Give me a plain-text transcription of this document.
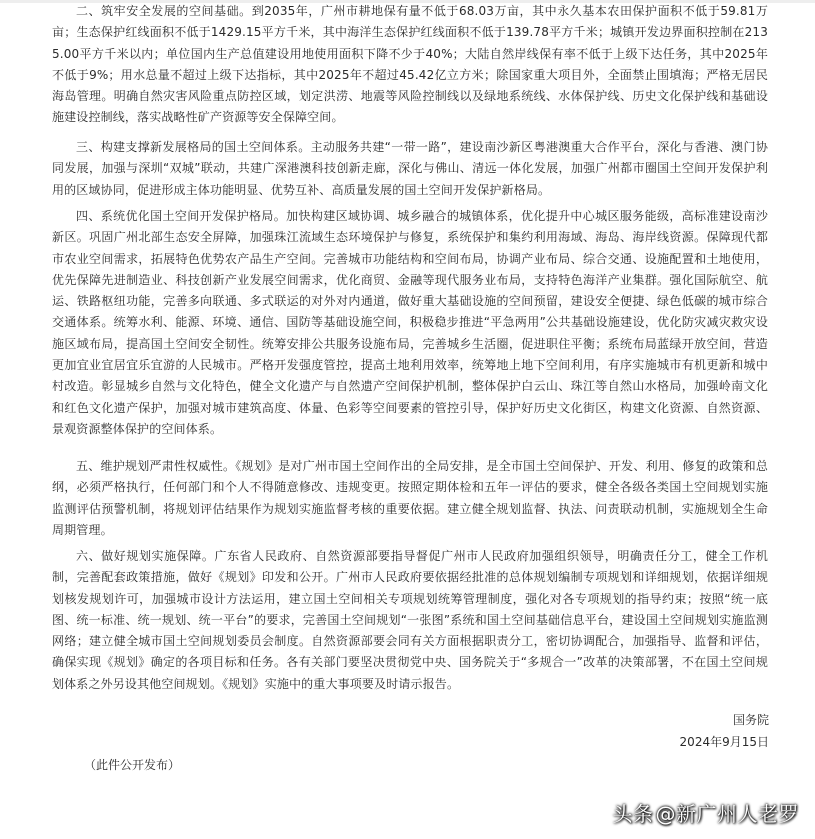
二、筑牢安全发展的空间基础。到2035年，广州市耕地保有量不低于68.03万亩，其中永久基本农田保护面积不低于59.81万亩；生态保护红线面积不低于1429.15平方千米，其中海洋生态保护红线面积不低于139.78平方千米；城镇开发边界面积控制在2135.00平方千米以内；单位国内生产总值建设用地使用面积下降不少于40%；大陆自然岸线保有率不低于上级下达任务，其中2025年不低于9%；用水总量不超过上级下达指标，其中2025年不超过45.42亿立方米；除国家重大项目外，全面禁止围填海；严格无居民海岛管理。明确自然灾害风险重点防控区域，划定洪涝、地震等风险控制线以及绿地系统线、水体保护线、历史文化保护线和基础设施建设控制线，落实战略性矿产资源等安全保障空间。

三、构建支撑新发展格局的国土空间体系。主动服务共建“一带一路”，建设南沙新区粤港澳重大合作平台，深化与香港、澳门协同发展，加强与深圳“双城”联动，共建广深港澳科技创新走廊，深化与佛山、清远一体化发展，加强广州都市圈国土空间开发保护利用的区域协同，促进形成主体功能明显、优势互补、高质量发展的国土空间开发保护新格局。

四、系统优化国土空间开发保护格局。加快构建区域协调、城乡融合的城镇体系，优化提升中心城区服务能级，高标准建设南沙新区。巩固广州北部生态安全屏障，加强珠江流域生态环境保护与修复，系统保护和集约利用海域、海岛、海岸线资源。保障现代都市农业空间需求，拓展特色优势农产品生产空间。完善城市功能结构和空间布局，协调产业布局、综合交通、设施配置和土地使用，优先保障先进制造业、科技创新产业发展空间需求，优化商贸、金融等现代服务业布局，支持特色海洋产业集群。强化国际航空、航运、铁路枢纽功能，完善多向联通、多式联运的对外对内通道，做好重大基础设施的空间预留，建设安全便捷、绿色低碳的城市综合交通体系。统筹水利、能源、环境、通信、国防等基础设施空间，积极稳步推进“平急两用”公共基础设施建设，优化防灾减灾救灾设施区域布局，提高国土空间安全韧性。统筹安排公共服务设施布局，完善城乡生活圈，促进职住平衡；系统布局蓝绿开放空间，营造更加宜业宜居宜乐宜游的人民城市。严格开发强度管控，提高土地利用效率，统筹地上地下空间利用，有序实施城市有机更新和城中村改造。彰显城乡自然与文化特色，健全文化遗产与自然遗产空间保护机制，整体保护白云山、珠江等自然山水格局，加强岭南文化和红色文化遗产保护，加强对城市建筑高度、体量、色彩等空间要素的管控引导，保护好历史文化街区，构建文化资源、自然资源、景观资源整体保护的空间体系。

五、维护规划严肃性权威性。《规划》是对广州市国土空间作出的全局安排，是全市国土空间保护、开发、利用、修复的政策和总纲，必须严格执行，任何部门和个人不得随意修改、违规变更。按照定期体检和五年一评估的要求，健全各级各类国土空间规划实施监测评估预警机制，将规划评估结果作为规划实施监督考核的重要依据。建立健全规划监督、执法、问责联动机制，实施规划全生命周期管理。

六、做好规划实施保障。广东省人民政府、自然资源部要指导督促广州市人民政府加强组织领导，明确责任分工，健全工作机制，完善配套政策措施，做好《规划》印发和公开。广州市人民政府要依据经批准的总体规划编制专项规划和详细规划，依据详细规划核发规划许可，加强城市设计方法运用，建立国土空间相关专项规划统筹管理制度，强化对各专项规划的指导约束；按照“统一底图、统一标准、统一规划、统一平台”的要求，完善国土空间规划“一张图”系统和国土空间基础信息平台，建设国土空间规划实施监测网络；建立健全城市国土空间规划委员会制度。自然资源部要会同有关方面根据职责分工，密切协调配合，加强指导、监督和评估，确保实现《规划》确定的各项目标和任务。各有关部门要坚决贯彻党中央、国务院关于“多规合一”改革的决策部署，不在国土空间规划体系之外另设其他空间规划。《规划》实施中的重大事项要及时请示报告。

国务院
2024年9月15日
（此件公开发布）
头条 @新广州人老罗
